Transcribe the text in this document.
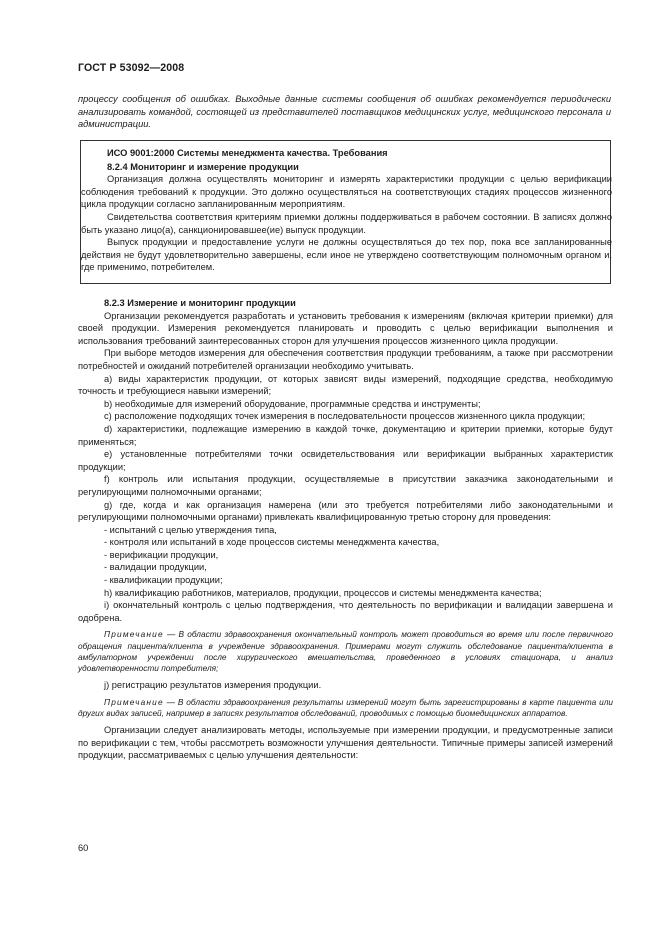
ГОСТ Р 53092—2008

процессу сообщения об ошибках. Выходные данные системы сообщения об ошибках рекомендуется периодически анализировать командой, состоящей из представителей поставщиков медицинских услуг, медицинского персонала и администрации.

ИСО 9001:2000 Системы менеджмента качества. Требования

8.2.4 Мониторинг и измерение продукции

Организация должна осуществлять мониторинг и измерять характеристики продукции с целью верификации соблюдения требований к продукции. Это должно осуществляться на соответствующих стадиях процессов жизненного цикла продукции согласно запланированным мероприятиям.

Свидетельства соответствия критериям приемки должны поддерживаться в рабочем состоянии. В записях должно быть указано лицо(а), санкционировавшее(ие) выпуск продукции.

Выпуск продукции и предоставление услуги не должны осуществляться до тех пор, пока все запланированные действия не будут удовлетворительно завершены, если иное не утверждено соответствующим полномочным органом и, где применимо, потребителем.

8.2.3 Измерение и мониторинг продукции

Организации рекомендуется разработать и установить требования к измерениям (включая критерии приемки) для своей продукции. Измерения рекомендуется планировать и проводить с целью верификации выполнения и использования требований заинтересованных сторон для улучшения процессов жизненного цикла продукции.

При выборе методов измерения для обеспечения соответствия продукции требованиям, а также при рассмотрении потребностей и ожиданий потребителей организации необходимо учитывать.

а) виды характеристик продукции, от которых зависят виды измерений, подходящие средства, необходимую точность и требующиеся навыки измерений;

b) необходимые для измерений оборудование, программные средства и инструменты;

c) расположение подходящих точек измерения в последовательности процессов жизненного цикла продукции;

d) характеристики, подлежащие измерению в каждой точке, документацию и критерии приемки, которые будут применяться;

e) установленные потребителями точки освидетельствования или верификации выбранных характеристик продукции;

f) контроль или испытания продукции, осуществляемые в присутствии заказчика законодательными и регулирующими полномочными органами;

g) где, когда и как организация намерена (или это требуется потребителями либо законодательными и регулирующими полномочными органами) привлекать квалифицированную третью сторону для проведения:

- испытаний с целью утверждения типа,

- контроля или испытаний в ходе процессов системы менеджмента качества,

- верификации продукции,

- валидации продукции,

- квалификации продукции;

h) квалификацию работников, материалов, продукции, процессов и системы менеджмента качества;

i) окончательный контроль с целью подтверждения, что деятельность по верификации и валидации завершена и одобрена.

Примечание — В области здравоохранения окончательный контроль может проводиться во время или после первичного обращения пациента/клиента в учреждение здравоохранения. Примерами могут служить обследование пациента/клиента в амбулаторном учреждении после хирургического вмешательства, проведенного в условиях стационара, и анализ удовлетворенности потребителя;

j) регистрацию результатов измерения продукции.

Примечание — В области здравоохранения результаты измерений могут быть зарегистрированы в карте пациента или других видах записей, например в записях результатов обследований, проводимых с помощью биомедицинских аппаратов.

Организации следует анализировать методы, используемые при измерении продукции, и предусмотренные записи по верификации с тем, чтобы рассмотреть возможности улучшения деятельности. Типичные примеры записей измерений продукции, рассматриваемых с целью улучшения деятельности:

60
